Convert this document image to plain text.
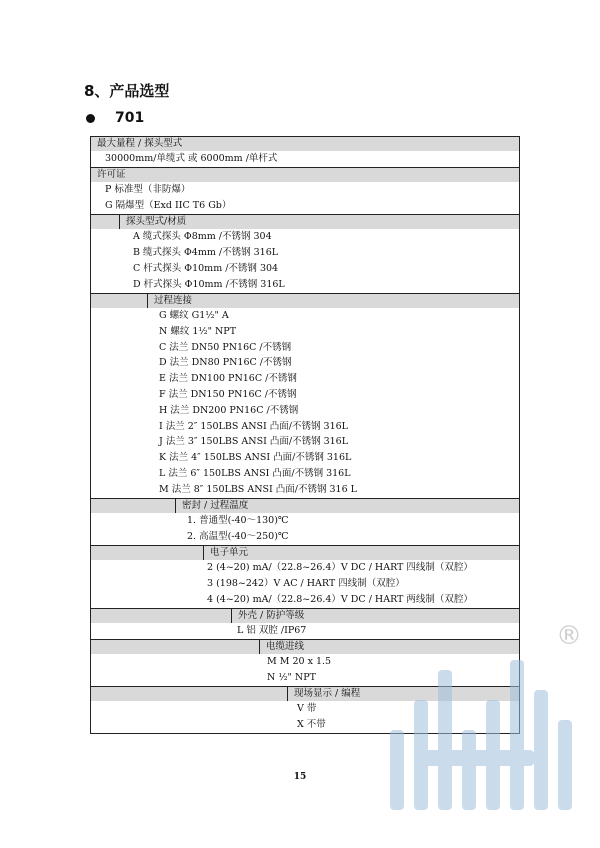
8、产品选型
701
最大量程 / 探头型式
30000mm/单缆式 或 6000mm /单杆式
许可证
P 标准型（非防爆）
G 隔爆型（Exd IIC T6 Gb）
探头型式/材质
A 缆式探头 Φ8mm /不锈钢 304
B 缆式探头 Φ4mm /不锈钢 316L
C 杆式探头 Φ10mm /不锈钢 304
D 杆式探头 Φ10mm /不锈钢 316L
过程连接
G 螺纹 G1½" A
N 螺纹 1½" NPT
C 法兰 DN50 PN16C /不锈钢
D 法兰 DN80 PN16C /不锈钢
E 法兰 DN100 PN16C /不锈钢
F 法兰 DN150 PN16C /不锈钢
H 法兰 DN200 PN16C /不锈钢
I 法兰 2″ 150LBS ANSI 凸面/不锈钢 316L
J 法兰 3″ 150LBS ANSI 凸面/不锈钢 316L
K 法兰 4″ 150LBS ANSI 凸面/不锈钢 316L
L 法兰 6″ 150LBS ANSI 凸面/不锈钢 316L
M 法兰 8″ 150LBS ANSI 凸面/不锈钢 316 L
密封 / 过程温度
1. 普通型(-40～130)℃
2. 高温型(-40～250)℃
电子单元
2 (4~20) mA/（22.8~26.4）V DC / HART 四线制（双腔）
3 (198~242）V AC / HART 四线制（双腔）
4 (4~20) mA/（22.8~26.4）V DC / HART 两线制（双腔）
外壳 / 防护等级
L 铝 双腔 /IP67
电缆进线
M M 20 x 1.5
N ½" NPT
现场显示 / 编程
V 带
X 不带
®
15
